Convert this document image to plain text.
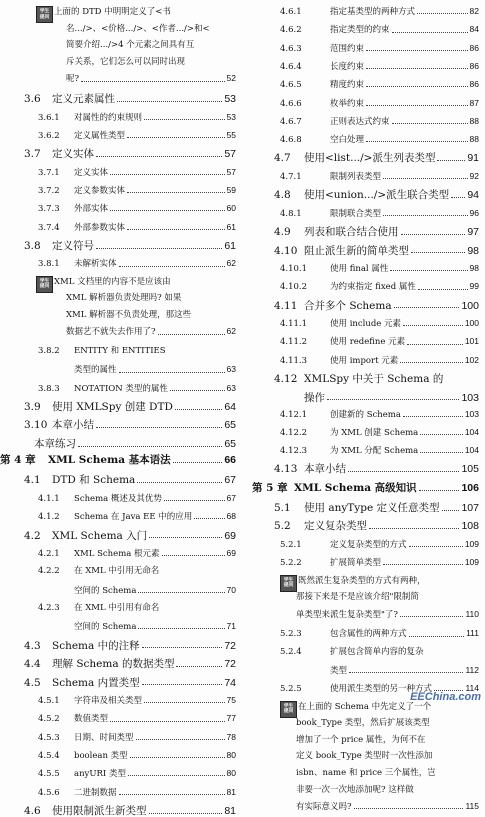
学生
提问 上面的 DTD 中明明定义了<书
名.../>、<价格.../>、<作者.../>和<
简要介绍.../>4 个元素之间具有互
斥关系，它们怎么可以同时出现
呢?	52
3.6	定义元素属性	53
3.6.1	对属性的约束规则	53
3.6.2	定义属性类型	55
3.7	定义实体	57
3.7.1	定义实体	57
3.7.2	定义参数实体	59
3.7.3	外部实体	60
3.7.4	外部参数实体	61
3.8	定义符号	61
3.8.1	未解析实体	62
学生
提问 XML 文档里的内容不是应该由
XML 解析器负责处理吗? 如果
XML 解析器不负责处理，那这些
数据艺不就失去作用了?	62
3.8.2	ENTITY 和 ENTITIES
类型的属性	63
3.8.3	NOTATION 类型的属性	63
3.9	使用 XMLSpy 创建 DTD	64
3.10 本章小结	65
本章练习	65
第 4 章	XML Schema 基本语法	66
4.1	DTD 和 Schema	67
4.1.1	Schema 概述及其优势	67
4.1.2	Schema 在 Java EE 中的应用	68
4.2	XML Schema 入门	69
4.2.1	XML Schema 根元素	69
4.2.2	在 XML 中引用无命名
空间的 Schema	70
4.2.3	在 XML 中引用有命名
空间的 Schema	71
4.3	Schema 中的注释	72
4.4	理解 Schema 的数据类型	72
4.5	Schema 内置类型	74
4.5.1	字符串及相关类型	75
4.5.2	数值类型	77
4.5.3	日期、时间类型	78
4.5.4	boolean 类型	80
4.5.5	anyURI 类型	80
4.5.6	二进制数据	81
4.6	使用限制派生新类型	81
4.6.1	指定基类型的两种方式	82
4.6.2	指定类型的约束	84
4.6.3	范围约束	86
4.6.4	长度约束	86
4.6.5	精度约束	86
4.6.6	枚举约束	87
4.6.7	正则表达式约束	88
4.6.8	空白处理	88
4.7	使用<list.../>派生列表类型	91
4.7.1	限制列表类型	92
4.8	使用<union.../>派生联合类型 94
4.8.1	限制联合类型	96
4.9	列表和联合结合使用	97
4.10 阻止派生新的简单类型	98
4.10.1	使用 final 属性	98
4.10.2	为约束指定 fixed 属性	99
4.11 合并多个 Schema	100
4.11.1	使用 include 元素	100
4.11.2	使用 redefine 元素	101
4.11.3	使用 import 元素	102
4.12 XMLSpy 中关于 Schema 的
操作	103
4.12.1	创建新的 Schema	103
4.12.2	为 XML 创建 Schema	104
4.12.3	为 XML 分配 Schema	104
4.13 本章小结	105
第 5 章 XML Schema 高级知识	106
5.1	使用 anyType 定义任意类型 107
5.2	定义复杂类型	108
5.2.1	定义复杂类型的方式	109
5.2.2	扩展简单类型	109
学生
提问 既然派生复杂类型的方式有两种，
那接下来是不是应该介绍"限制简
单类型来派生复杂类型"了?	110
5.2.3	包含属性的两种方式	111
5.2.4	扩展包含简单内容的复杂
类型	112
5.2.5	使用派生类型的另一种方式	114
学生
提问 在上面的 Schema 中先定义了一个
book_Type 类型，然后扩展该类型
增加了一个 price 属性，为何不在
定义 book_Type 类型时一次性添加
isbn、name 和 price 三个属性，岂
非要一次一次地添加呢? 这样做
有实际意义吗?	115
EEChina.com
